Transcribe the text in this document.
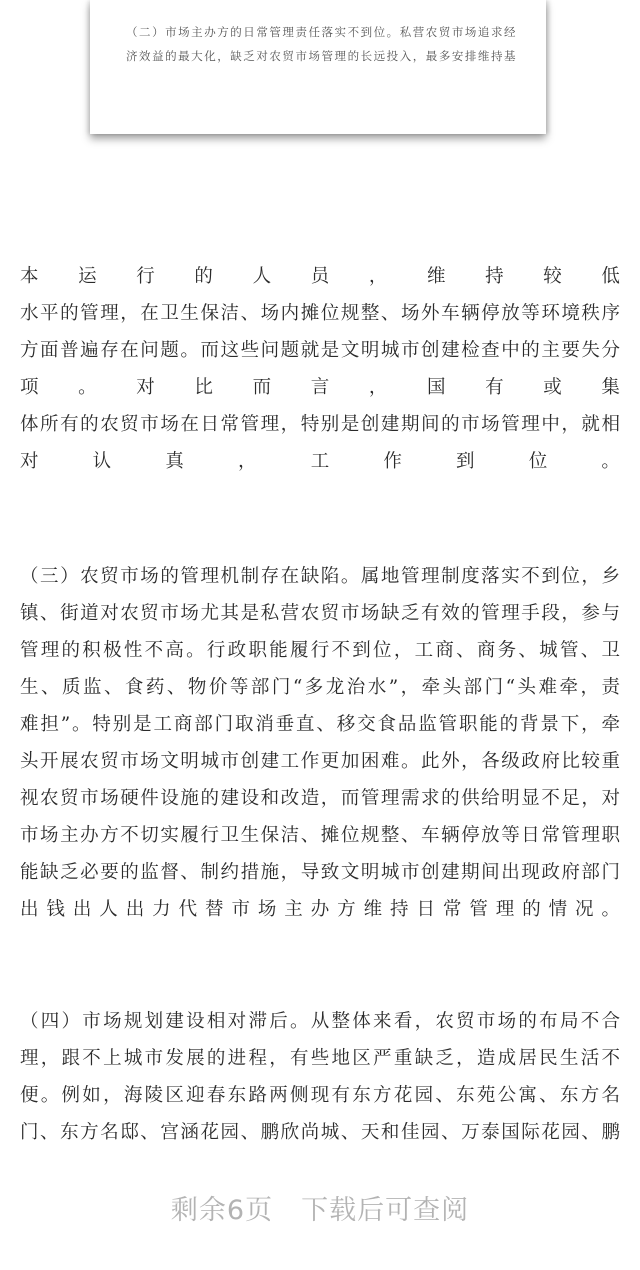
（二）市场主办方的日常管理责任落实不到位。私营农贸市场追求经
济效益的最大化，缺乏对农贸市场管理的长远投入，最多安排维持基
本 运 行 的 人 员 ， 维 持 较 低
水平的管理，在卫生保洁、场内摊位规整、场外车辆停放等环境秩序
方面普遍存在问题。而这些问题就是文明城市创建检查中的主要失分
项 。 对 比 而 言 ， 国 有 或 集
体所有的农贸市场在日常管理，特别是创建期间的市场管理中，就相
对	认	真	，	工	作	到	位	。
（三）农贸市场的管理机制存在缺陷。属地管理制度落实不到位，乡
镇、街道对农贸市场尤其是私营农贸市场缺乏有效的管理手段，参与
管理的积极性不高。行政职能履行不到位，工商、商务、城管、卫
生、质监、食药、物价等部门“多龙治水”，牵头部门“头难牵，责
难担”。特别是工商部门取消垂直、移交食品监管职能的背景下，牵
头开展农贸市场文明城市创建工作更加困难。此外，各级政府比较重
视农贸市场硬件设施的建设和改造，而管理需求的供给明显不足，对
市场主办方不切实履行卫生保洁、摊位规整、车辆停放等日常管理职
能缺乏必要的监督、制约措施，导致文明城市创建期间出现政府部门
出钱出人出力代替市场主办方维持日常管理的情况。
（四）市场规划建设相对滞后。从整体来看，农贸市场的布局不合
理，跟不上城市发展的进程，有些地区严重缺乏，造成居民生活不
便。例如，海陵区迎春东路两侧现有东方花园、东苑公寓、东方名
门、东方名邸、宫涵花园、鹏欣尚城、天和佳园、万泰国际花园、鹏
剩余6页　下载后可查阅
